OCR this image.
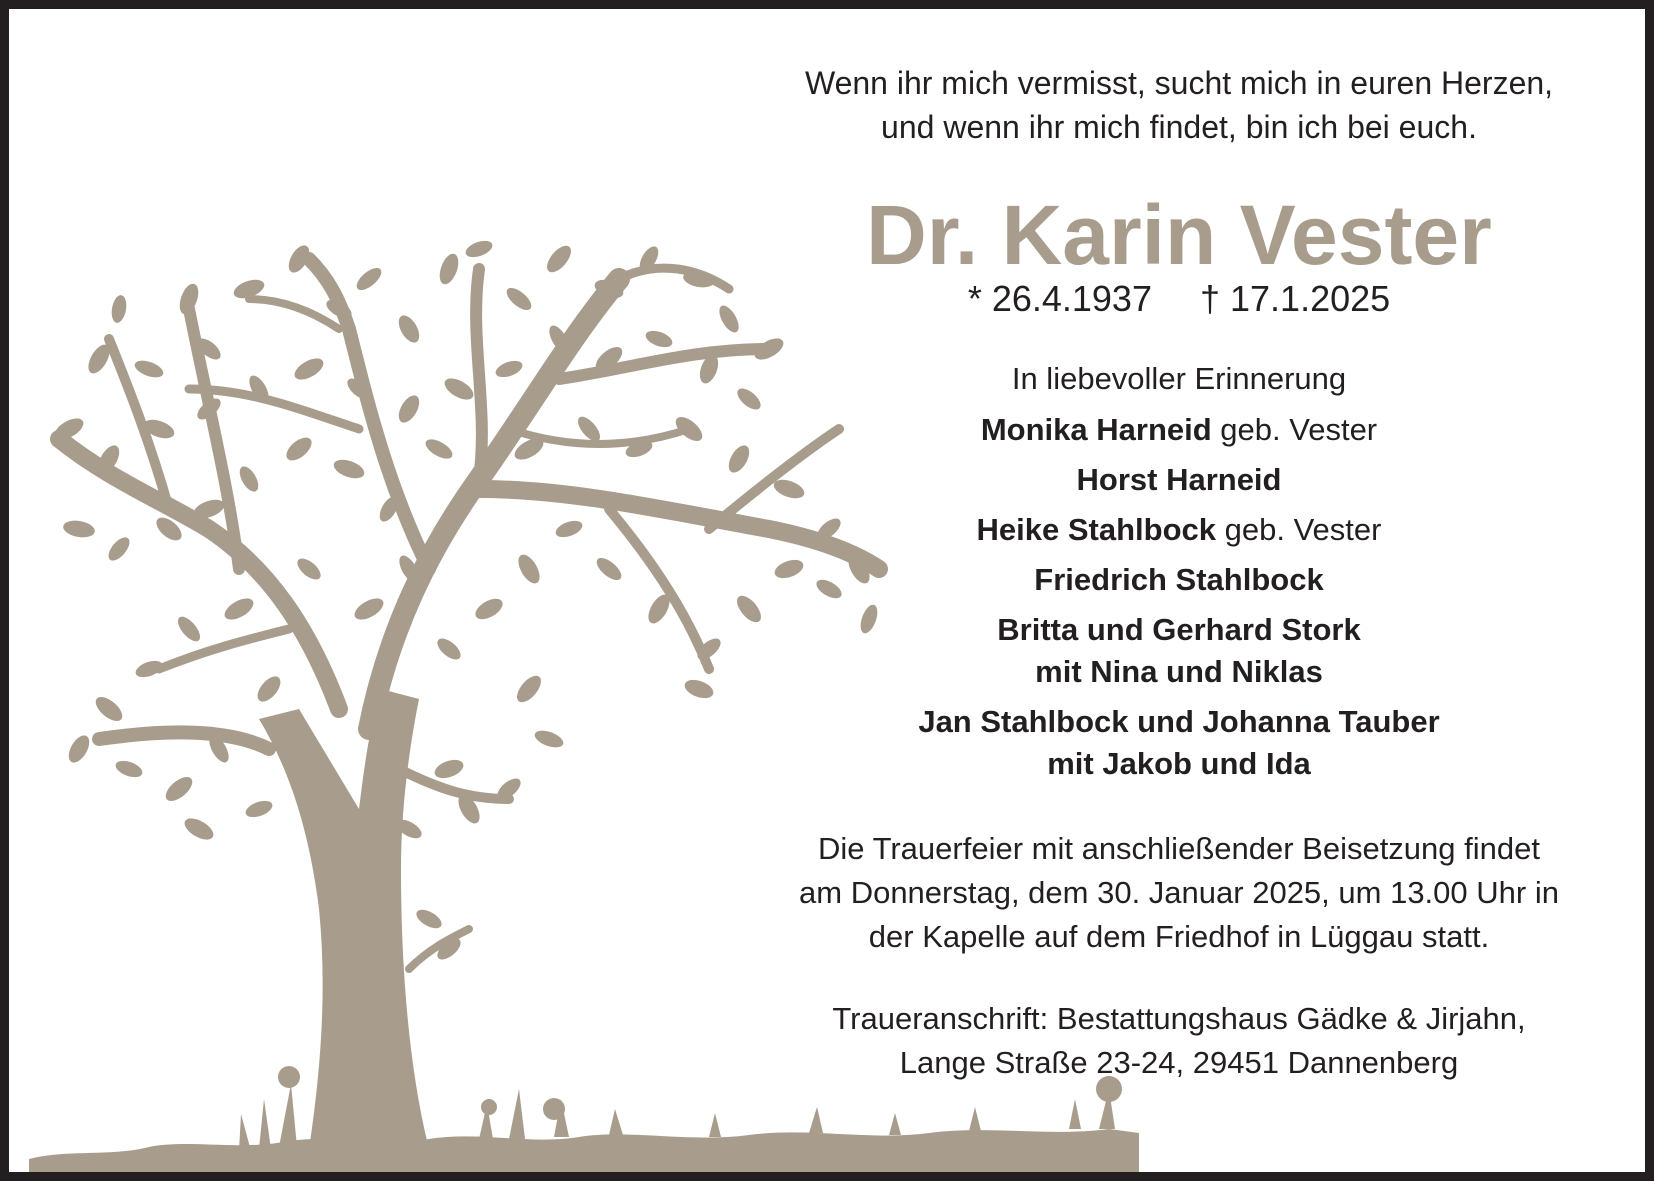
Wenn ihr mich vermisst, sucht mich in euren Herzen,
und wenn ihr mich findet, bin ich bei euch.
Dr. Karin Vester
* 26.4.1937 † 17.1.2025
In liebevoller Erinnerung
Monika Harneid geb. Vester
Horst Harneid
Heike Stahlbock geb. Vester
Friedrich Stahlbock
Britta und Gerhard Stork
mit Nina und Niklas
Jan Stahlbock und Johanna Tauber
mit Jakob und Ida
Die Trauerfeier mit anschließender Beisetzung findet
am Donnerstag, dem 30. Januar 2025, um 13.00 Uhr in
der Kapelle auf dem Friedhof in Lüggau statt.
Traueranschrift: Bestattungshaus Gädke & Jirjahn,
Lange Straße 23-24, 29451 Dannenberg
